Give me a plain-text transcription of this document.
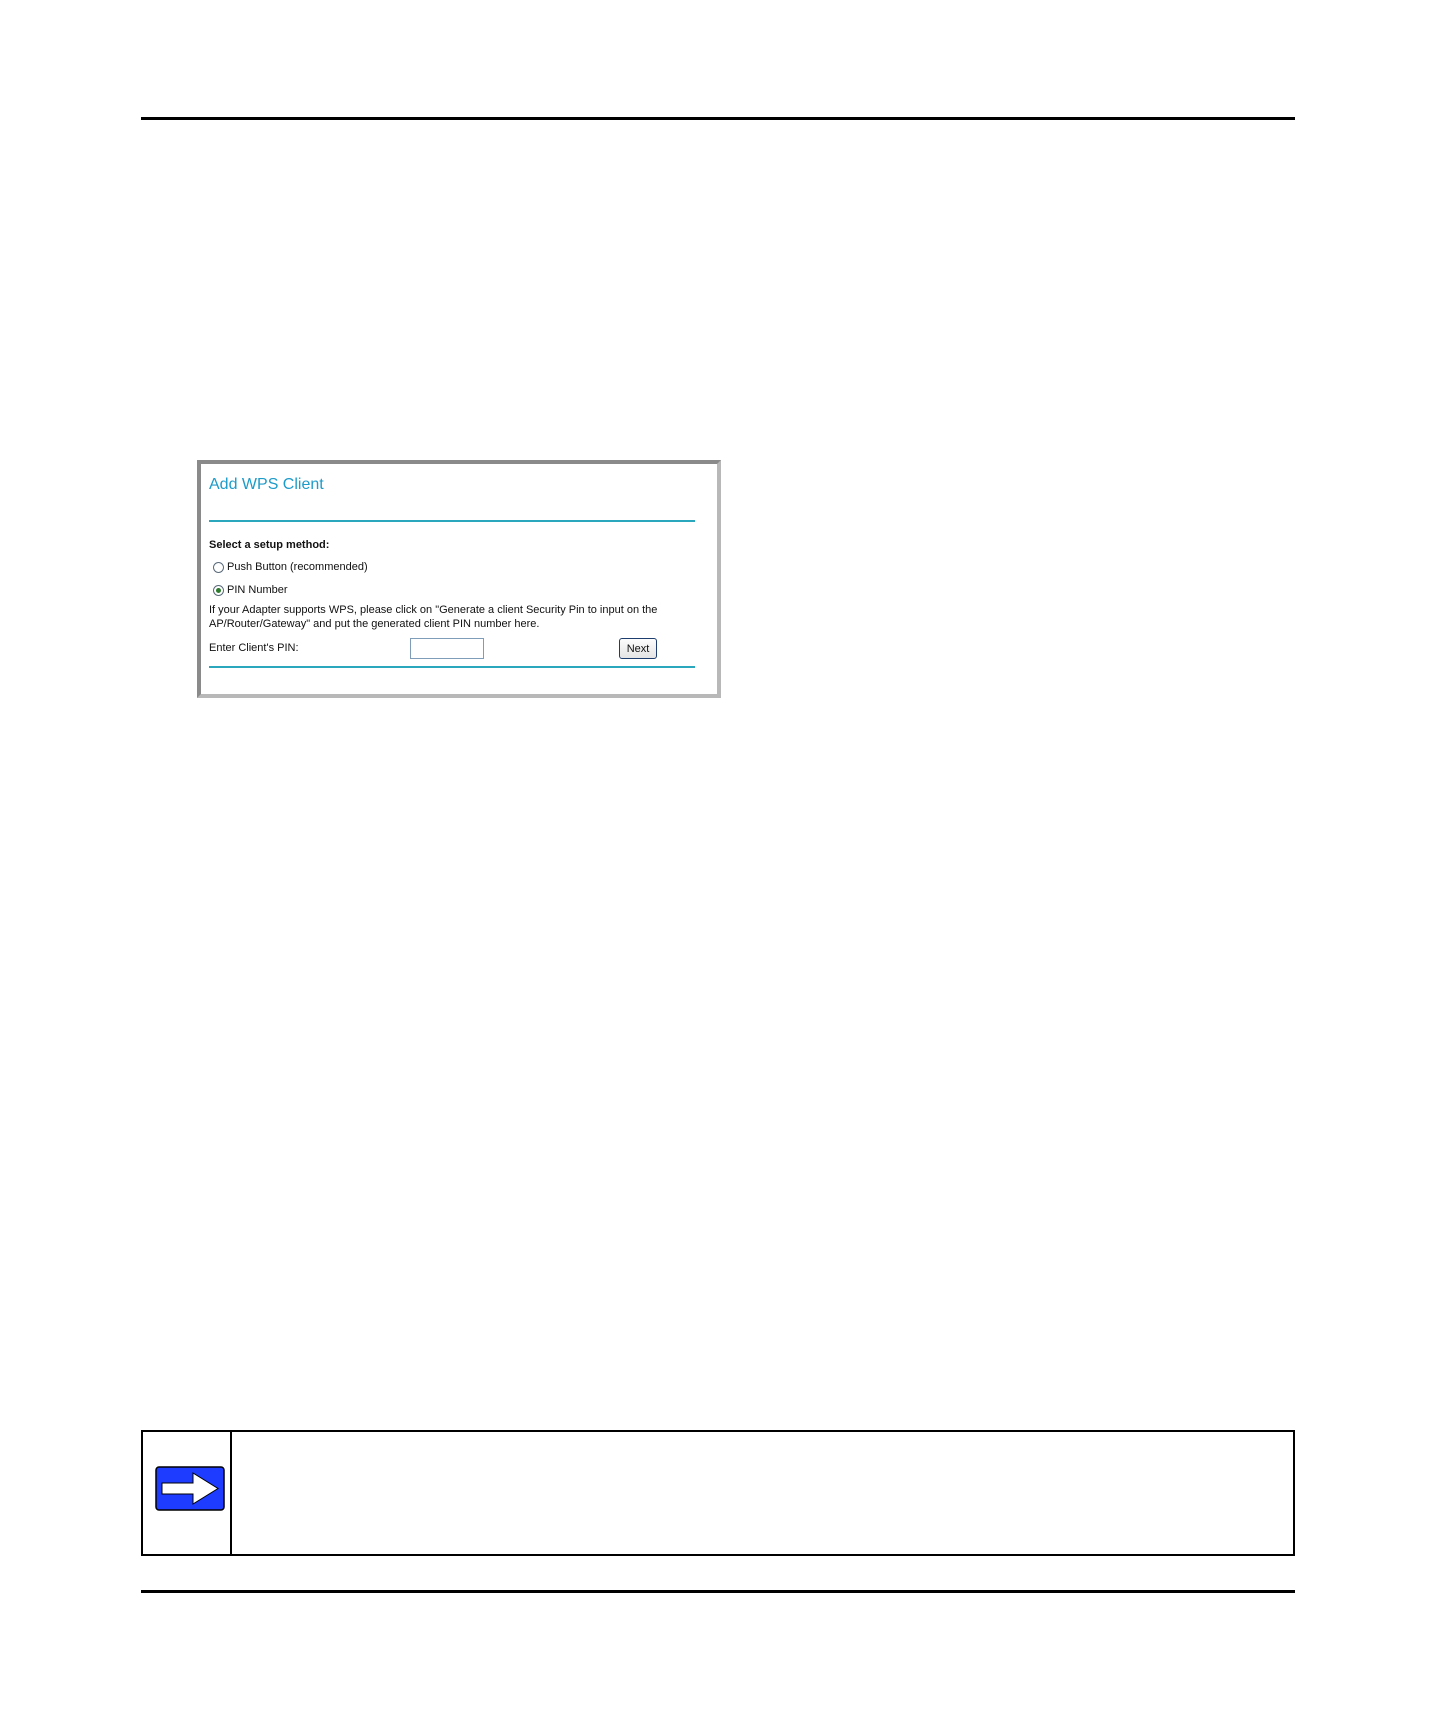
Add WPS Client
Select a setup method:
Push Button (recommended)
PIN Number
If your Adapter supports WPS, please click on "Generate a client Security Pin to input on the AP/Router/Gateway" and put the generated client PIN number here.
Enter Client's PIN:	Next
